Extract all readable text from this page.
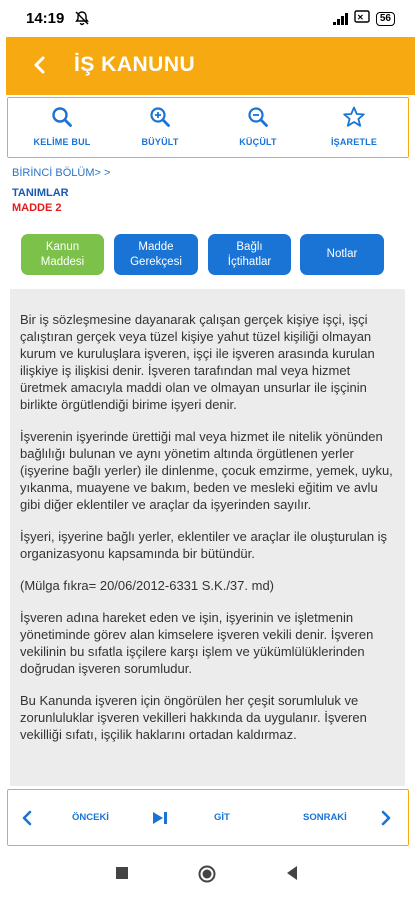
14:19	✕	56
İŞ KANUNU
KELİME BUL	BÜYÜLT	KÜÇÜLT	İŞARETLE
BİRİNCİ BÖLÜM> >
TANIMLAR
MADDE 2
Kanun
Maddesi
Madde
Gerekçesi
Bağlı
İçtihatlar
Notlar

Bir iş sözleşmesine dayanarak çalışan gerçek kişiye işçi, işçi çalıştıran gerçek veya tüzel kişiye yahut tüzel kişiliği olmayan kurum ve kuruluşlara işveren, işçi ile işveren arasında kurulan ilişkiye iş ilişkisi denir. İşveren tarafından mal veya hizmet üretmek amacıyla maddi olan ve olmayan unsurlar ile işçinin birlikte örgütlendiği birime işyeri denir.

İşverenin işyerinde ürettiği mal veya hizmet ile nitelik yönünden bağlılığı bulunan ve aynı yönetim altında örgütlenen yerler (işyerine bağlı yerler) ile dinlenme, çocuk emzirme, yemek, uyku, yıkanma, muayene ve bakım, beden ve mesleki eğitim ve avlu gibi diğer eklentiler ve araçlar da işyerinden sayılır.

İşyeri, işyerine bağlı yerler, eklentiler ve araçlar ile oluşturulan iş organizasyonu kapsamında bir bütündür.

(Mülga fıkra= 20/06/2012-6331 S.K./37. md)

İşveren adına hareket eden ve işin, işyerinin ve işletmenin yönetiminde görev alan kimselere işveren vekili denir. İşveren vekilinin bu sıfatla işçilere karşı işlem ve yükümlülüklerinden doğrudan işveren sorumludur.

Bu Kanunda işveren için öngörülen her çeşit sorumluluk ve zorunluluklar işveren vekilleri hakkında da uygulanır. İşveren vekilliği sıfatı, işçilik haklarını ortadan kaldırmaz.

ÖNCEKİ	GİT	SONRAKİ
